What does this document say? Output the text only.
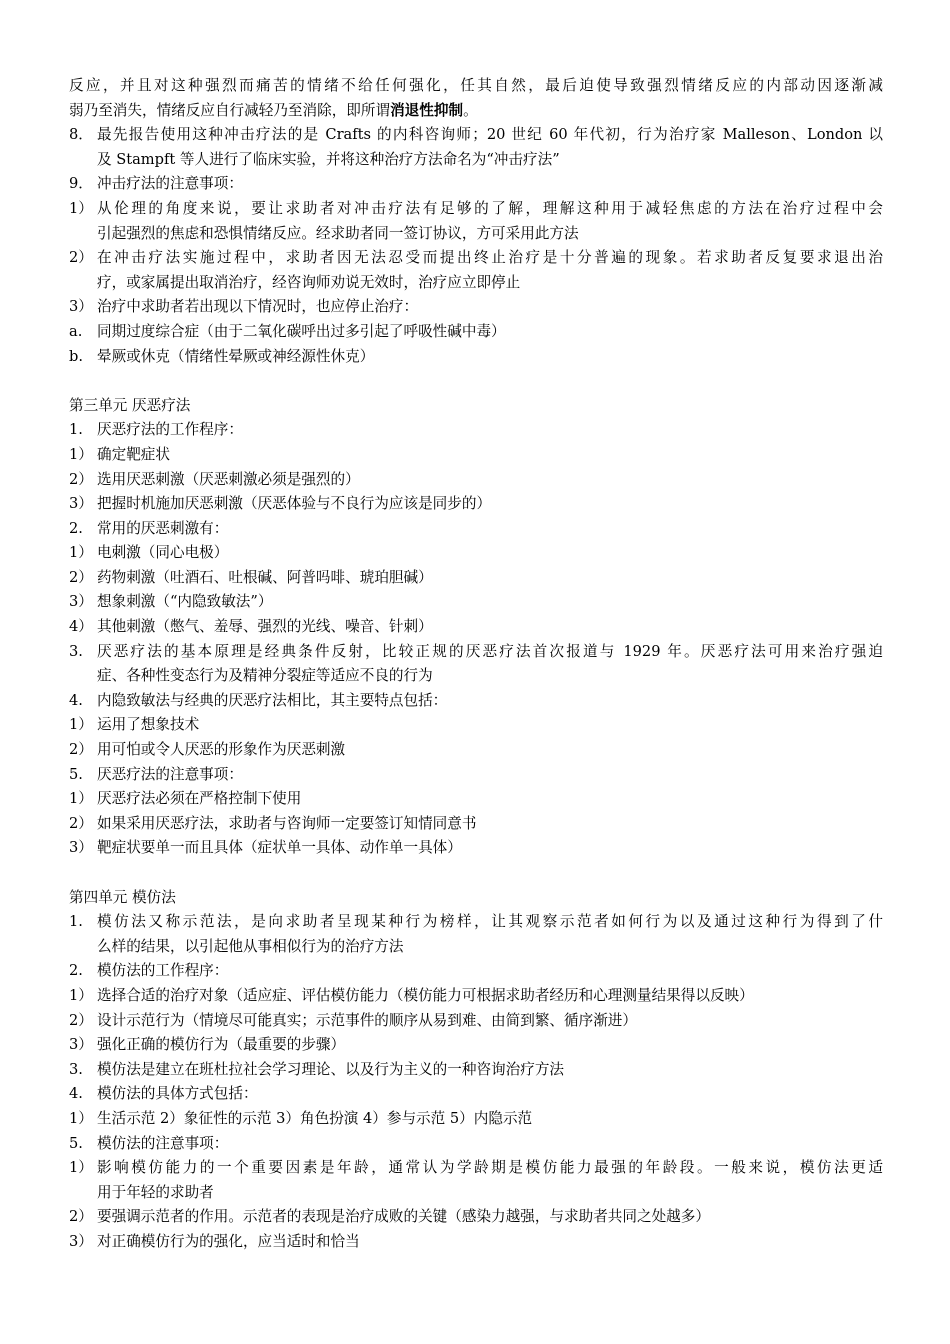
反应，并且对这种强烈而痛苦的情绪不给任何强化，任其自然，最后迫使导致强烈情绪反应的内部动因逐渐减
弱乃至消失，情绪反应自行减轻乃至消除，即所谓消退性抑制。
8． 最先报告使用这种冲击疗法的是 Crafts 的内科咨询师；20 世纪 60 年代初，行为治疗家 Malleson、London 以
及 Stampft 等人进行了临床实验，并将这种治疗方法命名为“冲击疗法”
9． 冲击疗法的注意事项：
1） 从伦理的角度来说，要让求助者对冲击疗法有足够的了解，理解这种用于减轻焦虑的方法在治疗过程中会
引起强烈的焦虑和恐惧情绪反应。经求助者同一签订协议，方可采用此方法
2） 在冲击疗法实施过程中，求助者因无法忍受而提出终止治疗是十分普遍的现象。若求助者反复要求退出治
疗，或家属提出取消治疗，经咨询师劝说无效时，治疗应立即停止
3） 治疗中求助者若出现以下情况时，也应停止治疗：
a.	同期过度综合症（由于二氧化碳呼出过多引起了呼吸性碱中毒）
b. 晕厥或休克（情绪性晕厥或神经源性休克）
第三单元 厌恶疗法
1. 厌恶疗法的工作程序：
1） 确定靶症状
2） 选用厌恶刺激（厌恶刺激必须是强烈的）
3） 把握时机施加厌恶刺激（厌恶体验与不良行为应该是同步的）
2. 常用的厌恶刺激有：
1） 电刺激（同心电极）
2） 药物刺激（吐酒石、吐根碱、阿普吗啡、琥珀胆碱）
3） 想象刺激（“内隐致敏法”）
4） 其他刺激（憋气、羞辱、强烈的光线、噪音、针刺）
3. 厌恶疗法的基本原理是经典条件反射，比较正规的厌恶疗法首次报道与 1929 年。厌恶疗法可用来治疗强迫
症、各种性变态行为及精神分裂症等适应不良的行为
4. 内隐致敏法与经典的厌恶疗法相比，其主要特点包括：
1） 运用了想象技术
2） 用可怕或令人厌恶的形象作为厌恶刺激
5. 厌恶疗法的注意事项：
1） 厌恶疗法必须在严格控制下使用
2） 如果采用厌恶疗法，求助者与咨询师一定要签订知情同意书
3） 靶症状要单一而且具体（症状单一具体、动作单一具体）
第四单元 模仿法
1. 模仿法又称示范法，是向求助者呈现某种行为榜样，让其观察示范者如何行为以及通过这种行为得到了什
么样的结果，以引起他从事相似行为的治疗方法
2. 模仿法的工作程序：
1） 选择合适的治疗对象（适应症、评估模仿能力（模仿能力可根据求助者经历和心理测量结果得以反映）
2） 设计示范行为（情境尽可能真实；示范事件的顺序从易到难、由简到繁、循序渐进）
3） 强化正确的模仿行为（最重要的步骤）
3. 模仿法是建立在班杜拉社会学习理论、以及行为主义的一种咨询治疗方法
4. 模仿法的具体方式包括：
1） 生活示范 2）象征性的示范 3）角色扮演 4）参与示范 5）内隐示范
5. 模仿法的注意事项：
1） 影响模仿能力的一个重要因素是年龄，通常认为学龄期是模仿能力最强的年龄段。一般来说，模仿法更适
用于年轻的求助者
2） 要强调示范者的作用。示范者的表现是治疗成败的关键（感染力越强，与求助者共同之处越多）
3） 对正确模仿行为的强化，应当适时和恰当
